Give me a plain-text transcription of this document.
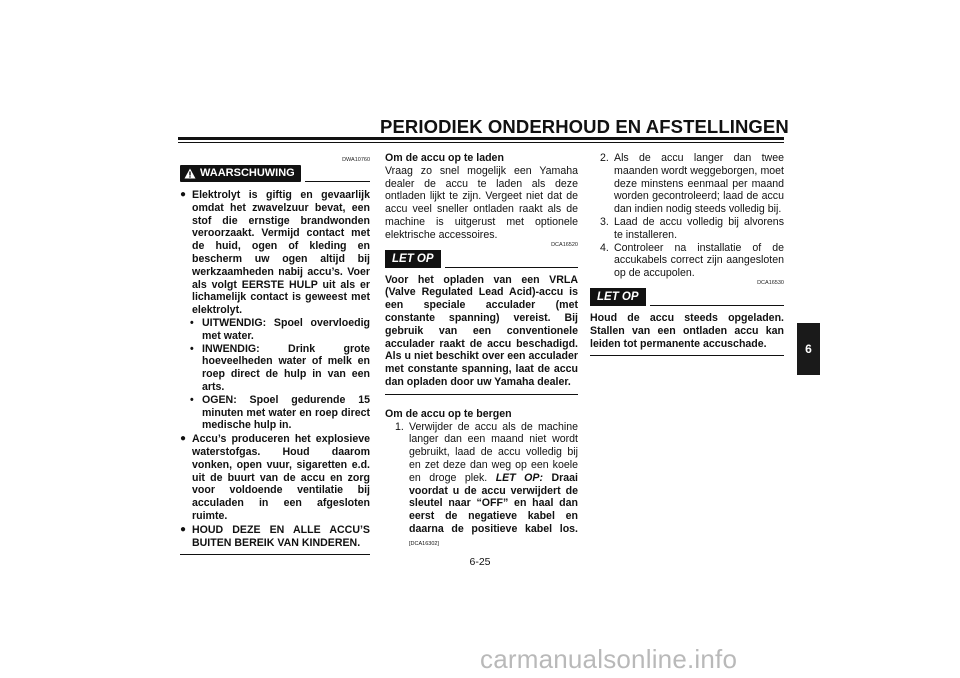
PERIODIEK ONDERHOUD EN AFSTELLINGEN
6
DWA10760
WAARSCHUWING
● Elektrolyt is giftig en gevaarlijk omdat het zwavelzuur bevat, een stof die ernstige brandwonden veroorzaakt. Vermijd contact met de huid, ogen of kleding en bescherm uw ogen altijd bij werkzaamheden nabij accu’s. Voer als volgt EERSTE HULP uit als er lichamelijk contact is geweest met elektrolyt.
• UITWENDIG: Spoel overvloedig met water.
• INWENDIG: Drink grote hoeveelheden water of melk en roep direct de hulp in van een arts.
• OGEN: Spoel gedurende 15 minuten met water en roep direct medische hulp in.
● Accu’s produceren het explosieve waterstofgas. Houd daarom vonken, open vuur, sigaretten e.d. uit de buurt van de accu en zorg voor voldoende ventilatie bij acculaden in een afgesloten ruimte.
● HOUD DEZE EN ALLE ACCU’S BUITEN BEREIK VAN KINDEREN.
Om de accu op te laden
Vraag zo snel mogelijk een Yamaha dealer de accu te laden als deze ontladen lijkt te zijn. Vergeet niet dat de accu veel sneller ontladen raakt als de machine is uitgerust met optionele elektrische accessoires.
DCA16520
LET OP
Voor het opladen van een VRLA (Valve Regulated Lead Acid)-accu is een speciale acculader (met constante spanning) vereist. Bij gebruik van een conventionele acculader raakt de accu beschadigd. Als u niet beschikt over een acculader met constante spanning, laat de accu dan opladen door uw Yamaha dealer.
Om de accu op te bergen
1. Verwijder de accu als de machine langer dan een maand niet wordt gebruikt, laad de accu volledig bij en zet deze dan weg op een koele en droge plek. LET OP: Draai voordat u de accu verwijdert de sleutel naar “OFF” en haal dan eerst de negatieve kabel en daarna de positieve kabel los. [DCA16302]
2. Als de accu langer dan twee maanden wordt weggeborgen, moet deze minstens eenmaal per maand worden gecontroleerd; laad de accu dan indien nodig steeds volledig bij.
3. Laad de accu volledig bij alvorens te installeren.
4. Controleer na installatie of de accukabels correct zijn aangesloten op de accupolen.
DCA16530
LET OP
Houd de accu steeds opgeladen. Stallen van een ontladen accu kan leiden tot permanente accuschade.
6-25
carmanualsonline.info
